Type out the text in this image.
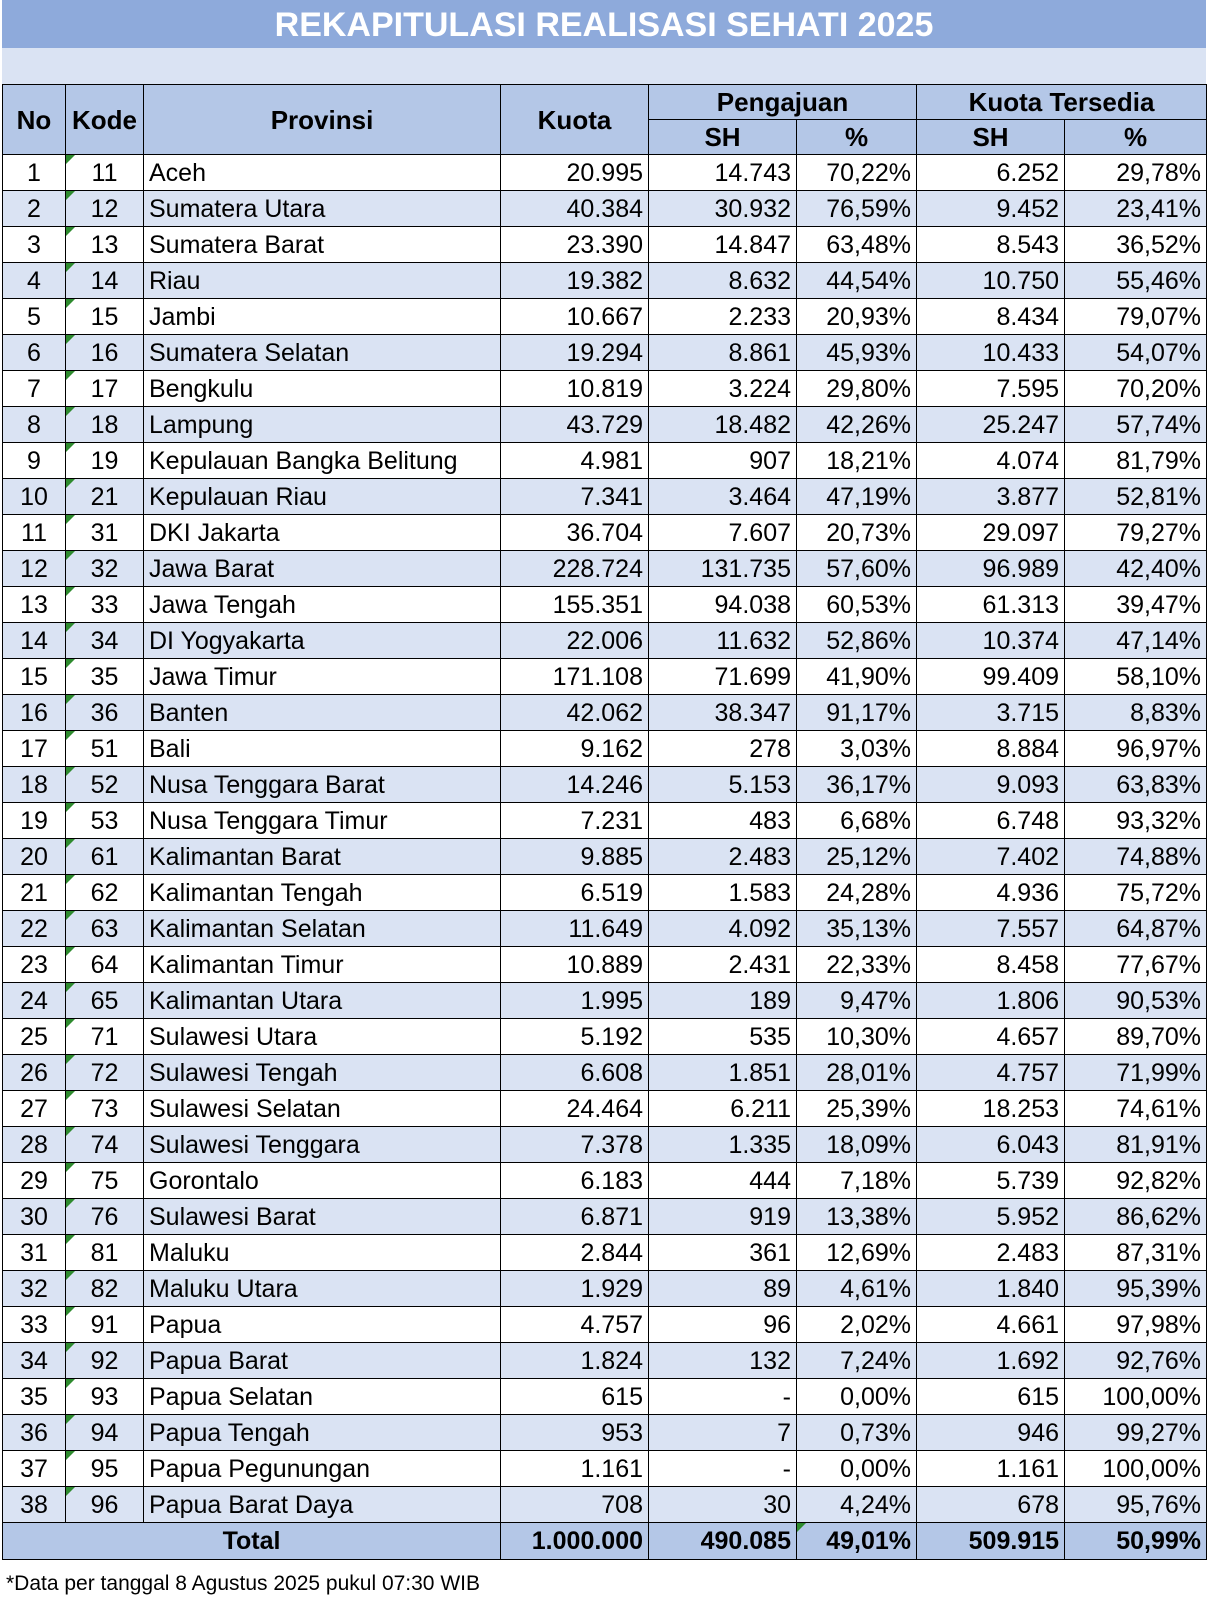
REKAPITULASI REALISASI SEHATI 2025
No	Kode	Provinsi	Kuota	Pengajuan		Kuota Tersedia	
				SH	%	SH	%
1	11	Aceh	20.995	14.743	70,22%	6.252	29,78%
2	12	Sumatera Utara	40.384	30.932	76,59%	9.452	23,41%
3	13	Sumatera Barat	23.390	14.847	63,48%	8.543	36,52%
4	14	Riau	19.382	8.632	44,54%	10.750	55,46%
5	15	Jambi	10.667	2.233	20,93%	8.434	79,07%
6	16	Sumatera Selatan	19.294	8.861	45,93%	10.433	54,07%
7	17	Bengkulu	10.819	3.224	29,80%	7.595	70,20%
8	18	Lampung	43.729	18.482	42,26%	25.247	57,74%
9	19	Kepulauan Bangka Belitung	4.981	907	18,21%	4.074	81,79%
10	21	Kepulauan Riau	7.341	3.464	47,19%	3.877	52,81%
11	31	DKI Jakarta	36.704	7.607	20,73%	29.097	79,27%
12	32	Jawa Barat	228.724	131.735	57,60%	96.989	42,40%
13	33	Jawa Tengah	155.351	94.038	60,53%	61.313	39,47%
14	34	DI Yogyakarta	22.006	11.632	52,86%	10.374	47,14%
15	35	Jawa Timur	171.108	71.699	41,90%	99.409	58,10%
16	36	Banten	42.062	38.347	91,17%	3.715	8,83%
17	51	Bali	9.162	278	3,03%	8.884	96,97%
18	52	Nusa Tenggara Barat	14.246	5.153	36,17%	9.093	63,83%
19	53	Nusa Tenggara Timur	7.231	483	6,68%	6.748	93,32%
20	61	Kalimantan Barat	9.885	2.483	25,12%	7.402	74,88%
21	62	Kalimantan Tengah	6.519	1.583	24,28%	4.936	75,72%
22	63	Kalimantan Selatan	11.649	4.092	35,13%	7.557	64,87%
23	64	Kalimantan Timur	10.889	2.431	22,33%	8.458	77,67%
24	65	Kalimantan Utara	1.995	189	9,47%	1.806	90,53%
25	71	Sulawesi Utara	5.192	535	10,30%	4.657	89,70%
26	72	Sulawesi Tengah	6.608	1.851	28,01%	4.757	71,99%
27	73	Sulawesi Selatan	24.464	6.211	25,39%	18.253	74,61%
28	74	Sulawesi Tenggara	7.378	1.335	18,09%	6.043	81,91%
29	75	Gorontalo	6.183	444	7,18%	5.739	92,82%
30	76	Sulawesi Barat	6.871	919	13,38%	5.952	86,62%
31	81	Maluku	2.844	361	12,69%	2.483	87,31%
32	82	Maluku Utara	1.929	89	4,61%	1.840	95,39%
33	91	Papua	4.757	96	2,02%	4.661	97,98%
34	92	Papua Barat	1.824	132	7,24%	1.692	92,76%
35	93	Papua Selatan	615	-	0,00%	615	100,00%
36	94	Papua Tengah	953	7	0,73%	946	99,27%
37	95	Papua Pegunungan	1.161	-	0,00%	1.161	100,00%
38	96	Papua Barat Daya	708	30	4,24%	678	95,76%
Total			1.000.000	490.085	49,01%	509.915	50,99%
*Data per tanggal 8 Agustus 2025 pukul 07:30 WIB
